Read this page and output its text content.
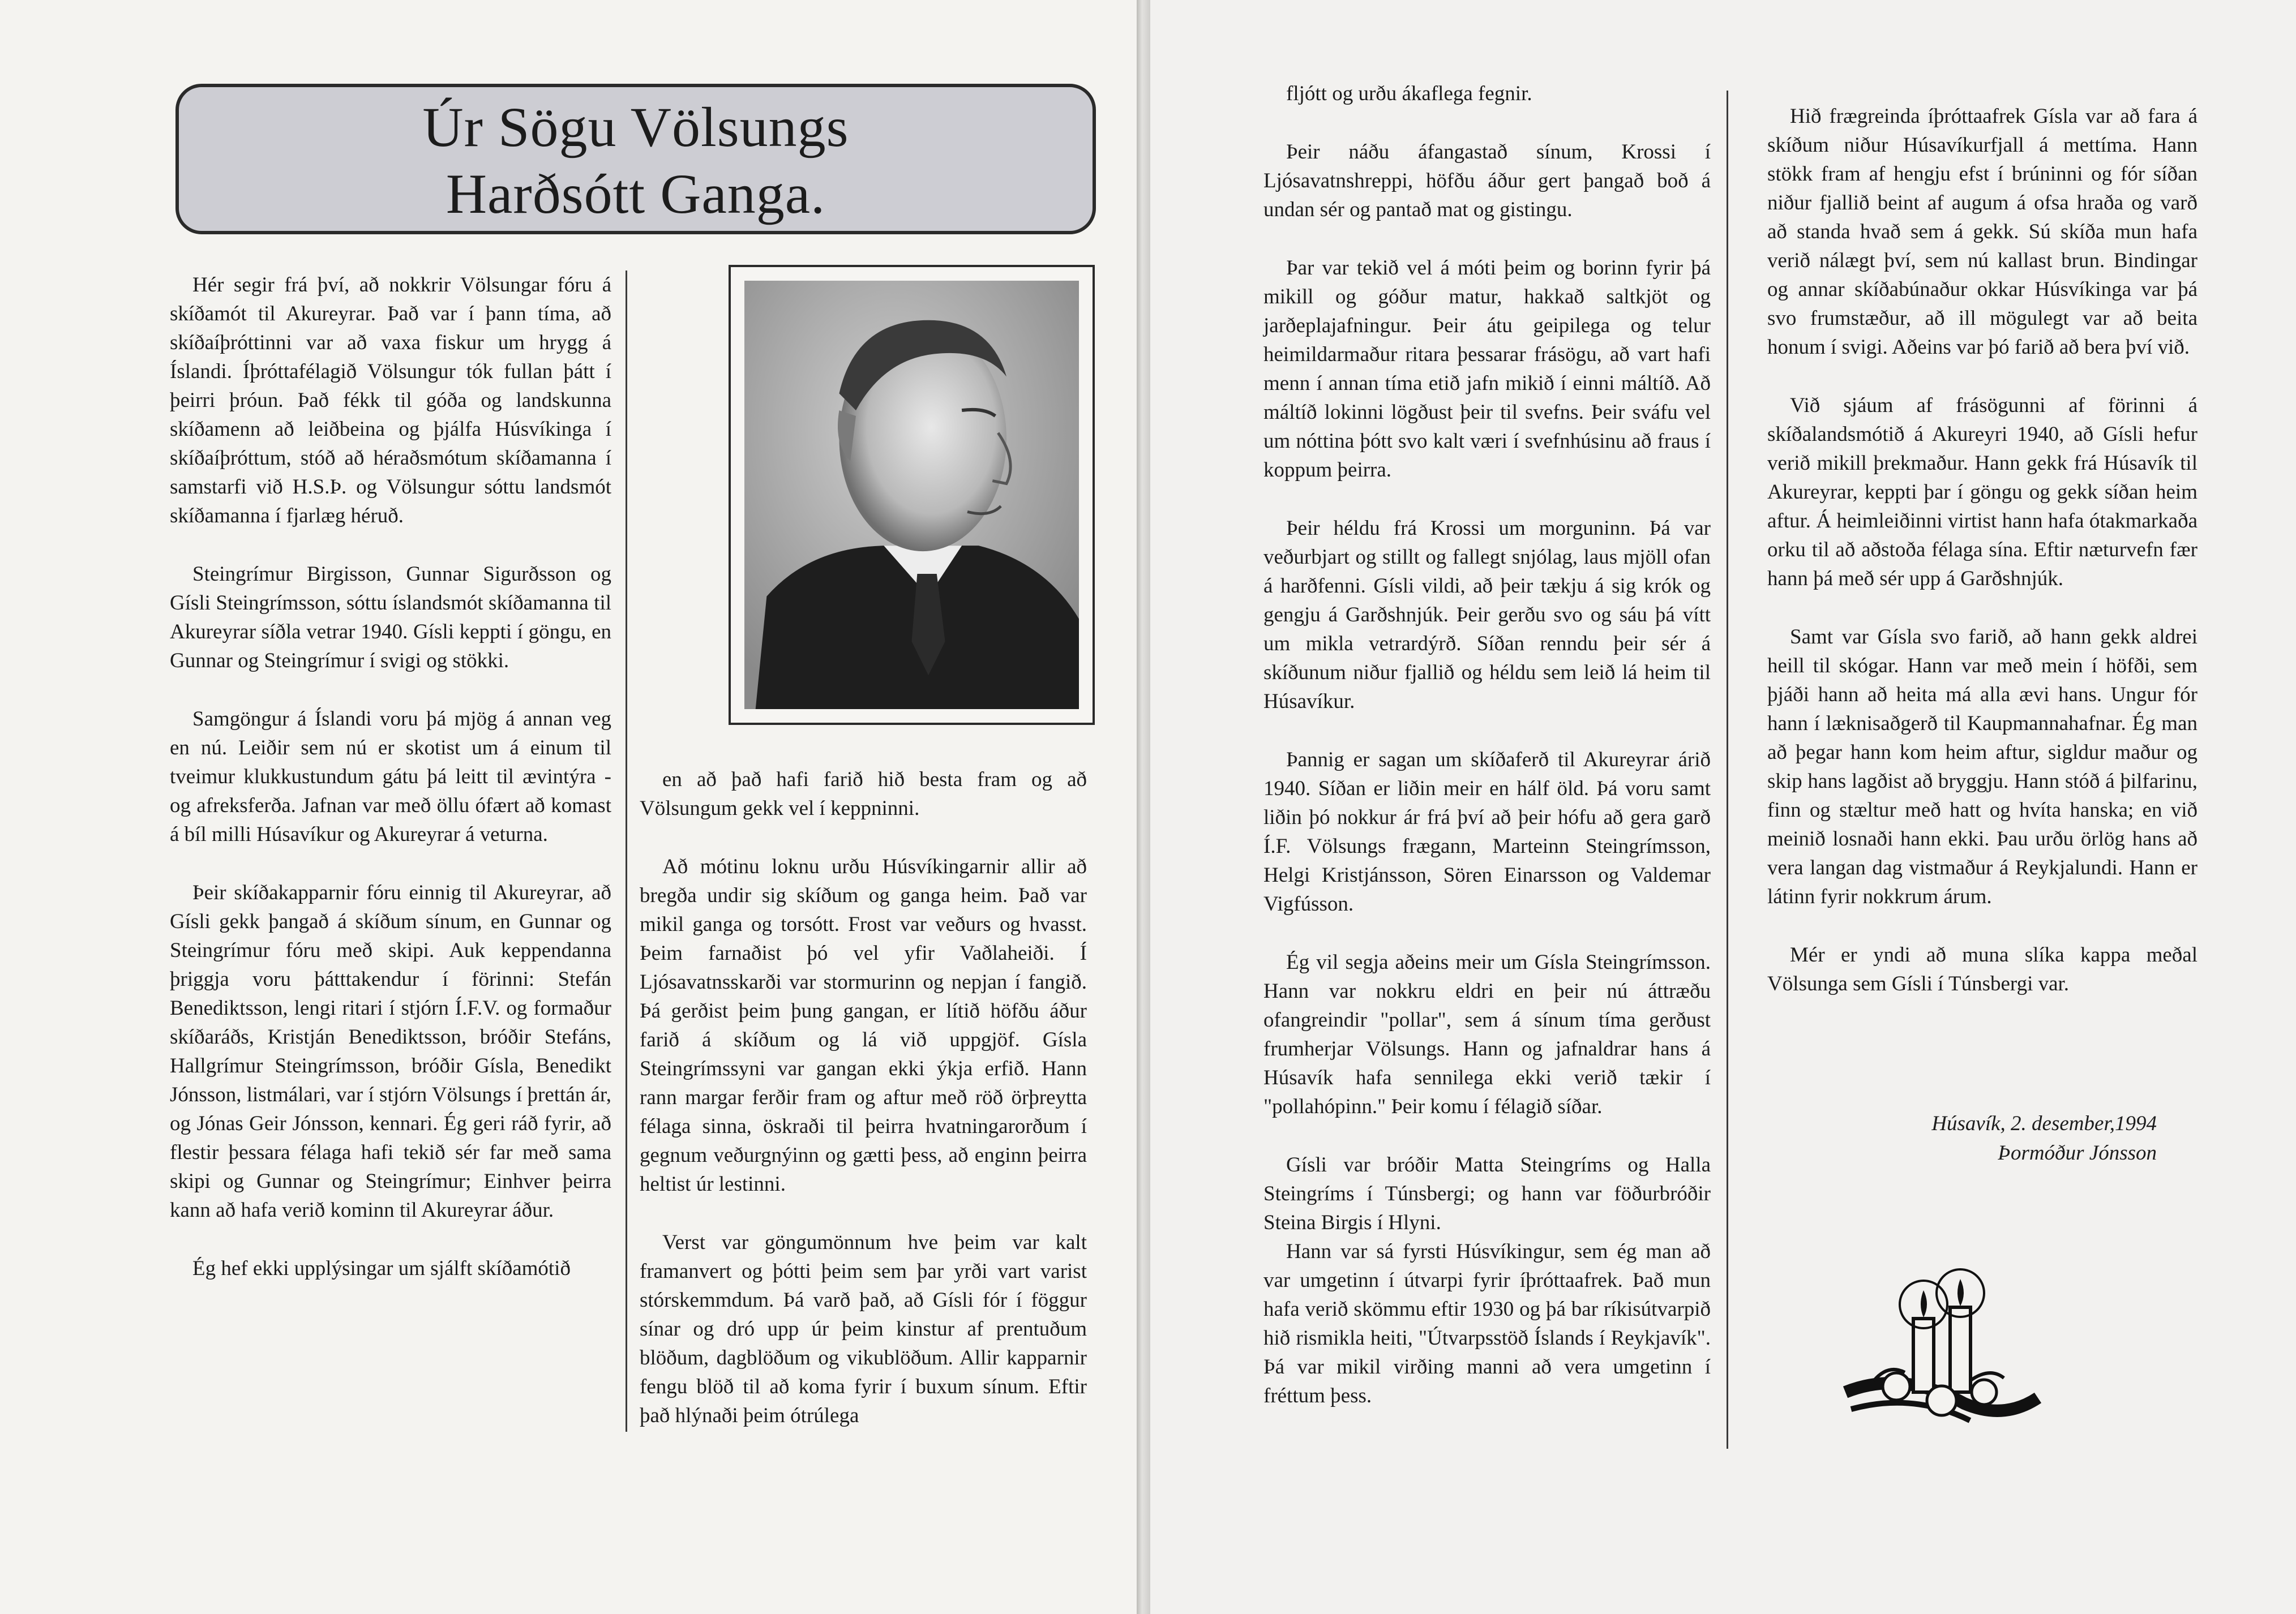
Úr Sögu Völsungs
Harðsótt Ganga.

Hér segir frá því, að nokkrir Völsungar fóru á skíðamót til Akureyrar. Það var í þann tíma, að skíðaíþróttinni var að vaxa fiskur um hrygg á Íslandi. Íþróttafélagið Völsungur tók fullan þátt í þeirri þróun. Það fékk til góða og landskunna skíðamenn að leiðbeina og þjálfa Húsvíkinga í skíðaíþróttum, stóð að héraðsmótum skíðamanna í samstarfi við H.S.Þ. og Völsungur sóttu landsmót skíðamanna í fjarlæg héruð.

Steingrímur Birgisson, Gunnar Sigurðsson og Gísli Steingrímsson, sóttu íslandsmót skíðamanna til Akureyrar síðla vetrar 1940. Gísli keppti í göngu, en Gunnar og Steingrímur í svigi og stökki.

Samgöngur á Íslandi voru þá mjög á annan veg en nú. Leiðir sem nú er skotist um á einum til tveimur klukkustundum gátu þá leitt til ævintýra - og afreksferða. Jafnan var með öllu ófært að komast á bíl milli Húsavíkur og Akureyrar á veturna.

Þeir skíðakapparnir fóru einnig til Akureyrar, að Gísli gekk þangað á skíðum sínum, en Gunnar og Steingrímur fóru með skipi. Auk keppendanna þriggja voru þátttakendur í förinni: Stefán Benediktsson, lengi ritari í stjórn Í.F.V. og formaður skíðaráðs, Kristján Benediktsson, bróðir Stefáns, Hallgrímur Steingrímsson, bróðir Gísla, Benedikt Jónsson, listmálari, var í stjórn Völsungs í þrettán ár, og Jónas Geir Jónsson, kennari. Ég geri ráð fyrir, að flestir þessara félaga hafi tekið sér far með sama skipi og Gunnar og Steingrímur; Einhver þeirra kann að hafa verið kominn til Akureyrar áður.

Ég hef ekki upplýsingar um sjálft skíðamótið

en að það hafi farið hið besta fram og að Völsungum gekk vel í keppninni.

Að mótinu loknu urðu Húsvíkingarnir allir að bregða undir sig skíðum og ganga heim. Það var mikil ganga og torsótt. Frost var veðurs og hvasst. Þeim farnaðist þó vel yfir Vaðlaheiði. Í Ljósavatnsskarði var stormurinn og nepjan í fangið. Þá gerðist þeim þung gangan, er lítið höfðu áður farið á skíðum og lá við uppgjöf. Gísla Steingrímssyni var gangan ekki ýkja erfið. Hann rann margar ferðir fram og aftur með röð örþreytta félaga sinna, öskraði til þeirra hvatningarorðum í gegnum veðurgnýinn og gætti þess, að enginn þeirra heltist úr lestinni.

Verst var göngumönnum hve þeim var kalt framanvert og þótti þeim sem þar yrði vart varist stórskemmdum. Þá varð það, að Gísli fór í föggur sínar og dró upp úr þeim kinstur af prentuðum blöðum, dagblöðum og vikublöðum. Allir kapparnir fengu blöð til að koma fyrir í buxum sínum. Eftir það hlýnaði þeim ótrúlega

fljótt og urðu ákaflega fegnir.

Þeir náðu áfangastað sínum, Krossi í Ljósavatnshreppi, höfðu áður gert þangað boð á undan sér og pantað mat og gistingu.

Þar var tekið vel á móti þeim og borinn fyrir þá mikill og góður matur, hakkað saltkjöt og jarðeplajafningur. Þeir átu geipilega og telur heimildarmaður ritara þessarar frásögu, að vart hafi menn í annan tíma etið jafn mikið í einni máltíð. Að máltíð lokinni lögðust þeir til svefns. Þeir sváfu vel um nóttina þótt svo kalt væri í svefnhúsinu að fraus í koppum þeirra.

Þeir héldu frá Krossi um morguninn. Þá var veðurbjart og stillt og fallegt snjólag, laus mjöll ofan á harðfenni. Gísli vildi, að þeir tækju á sig krók og gengju á Garðshnjúk. Þeir gerðu svo og sáu þá vítt um mikla vetrardýrð. Síðan renndu þeir sér á skíðunum niður fjallið og héldu sem leið lá heim til Húsavíkur.

Þannig er sagan um skíðaferð til Akureyrar árið 1940. Síðan er liðin meir en hálf öld. Þá voru samt liðin þó nokkur ár frá því að þeir hófu að gera garð Í.F. Völsungs frægann, Marteinn Steingrímsson, Helgi Kristjánsson, Sören Einarsson og Valdemar Vigfússon.

Ég vil segja aðeins meir um Gísla Steingrímsson. Hann var nokkru eldri en þeir nú áttræðu ofangreindir "pollar", sem á sínum tíma gerðust frumherjar Völsungs. Hann og jafnaldrar hans á Húsavík hafa sennilega ekki verið tækir í "pollahópinn." Þeir komu í félagið síðar.

Gísli var bróðir Matta Steingríms og Halla Steingríms í Túnsbergi; og hann var föðurbróðir Steina Birgis í Hlyni.

Hann var sá fyrsti Húsvíkingur, sem ég man að var umgetinn í útvarpi fyrir íþróttaafrek. Það mun hafa verið skömmu eftir 1930 og þá bar ríkisútvarpið hið rismikla heiti, "Útvarpsstöð Íslands í Reykjavík". Þá var mikil virðing manni að vera umgetinn í fréttum þess.

Hið frægreinda íþróttaafrek Gísla var að fara á skíðum niður Húsavíkurfjall á mettíma. Hann stökk fram af hengju efst í brúninni og fór síðan niður fjallið beint af augum á ofsa hraða og varð að standa hvað sem á gekk. Sú skíða mun hafa verið nálægt því, sem nú kallast brun. Bindingar og annar skíðabúnaður okkar Húsvíkinga var þá svo frumstæður, að ill mögulegt var að beita honum í svigi. Aðeins var þó farið að bera því við.

Við sjáum af frásögunni af förinni á skíðalandsmótið á Akureyri 1940, að Gísli hefur verið mikill þrekmaður. Hann gekk frá Húsavík til Akureyrar, keppti þar í göngu og gekk síðan heim aftur. Á heimleiðinni virtist hann hafa ótakmarkaða orku til að aðstoða félaga sína. Eftir næturvefn fær hann þá með sér upp á Garðshnjúk.

Samt var Gísla svo farið, að hann gekk aldrei heill til skógar. Hann var með mein í höfði, sem þjáði hann að heita má alla ævi hans. Ungur fór hann í læknisaðgerð til Kaupmannahafnar. Ég man að þegar hann kom heim aftur, sigldur maður og skip hans lagðist að bryggju. Hann stóð á þilfarinu, finn og stæltur með hatt og hvíta hanska; en við meinið losnaði hann ekki. Þau urðu örlög hans að vera langan dag vistmaður á Reykjalundi. Hann er látinn fyrir nokkrum árum.

Mér er yndi að muna slíka kappa meðal Völsunga sem Gísli í Túnsbergi var.

Húsavík, 2. desember,1994
Þormóður Jónsson
